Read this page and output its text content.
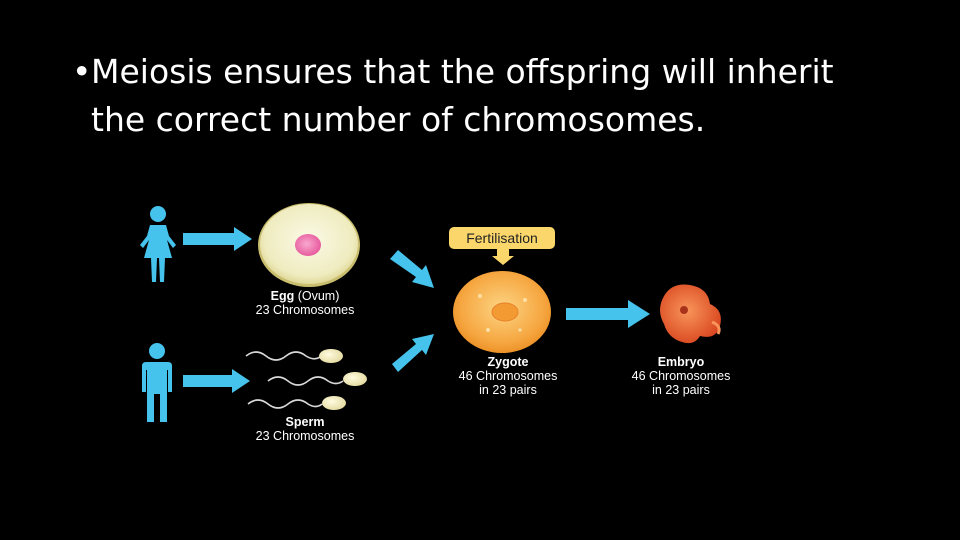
• Meiosis ensures that the offspring will inherit
the correct number of chromosomes.
Egg (Ovum)
23 Chromosomes
Sperm
23 Chromosomes
Fertilisation
Zygote
46 Chromosomes
in 23 pairs
Embryo
46 Chromosomes
in 23 pairs
